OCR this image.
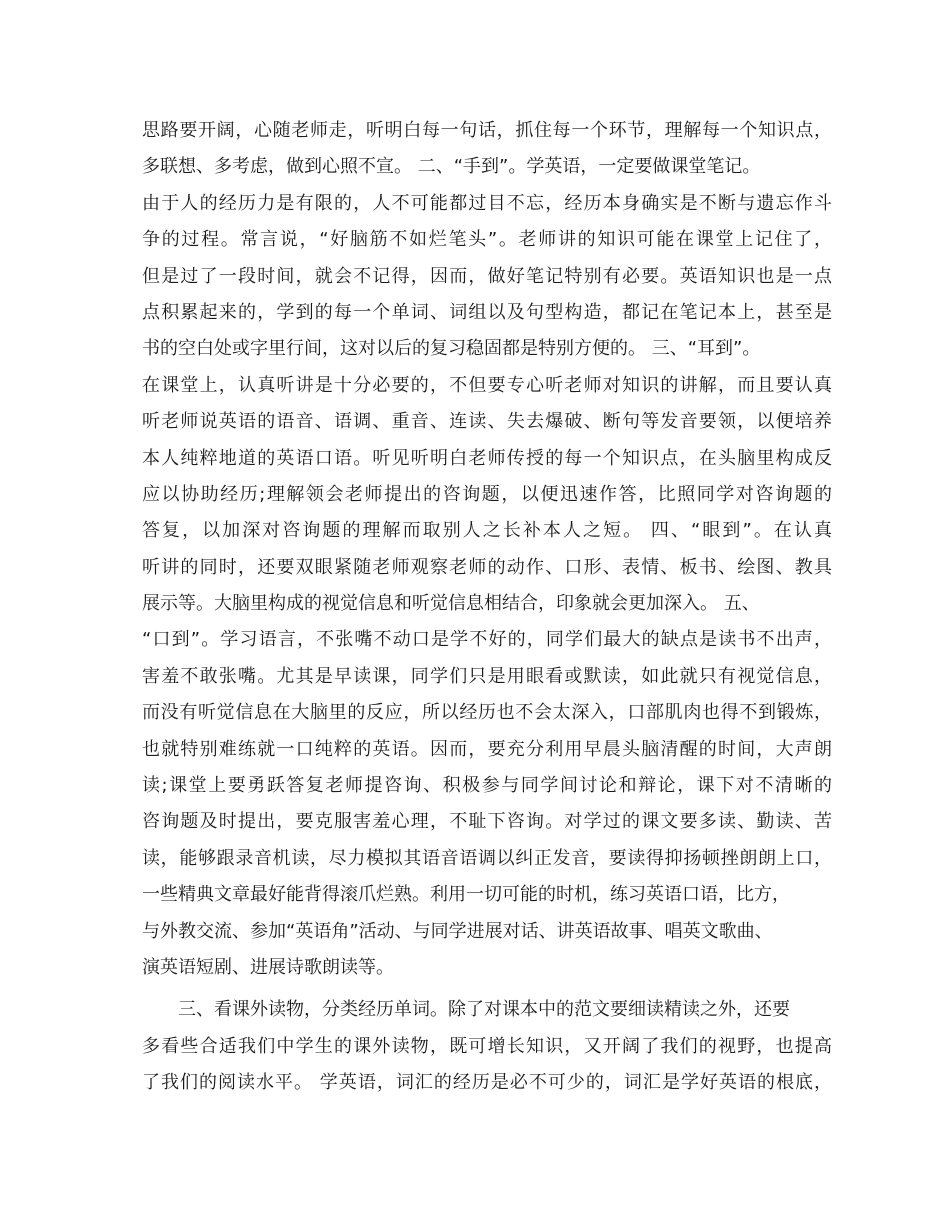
思路要开阔，心随老师走，听明白每一句话，抓住每一个环节，理解每一个知识点，
多联想、多考虑，做到心照不宣。 二、“手到”。学英语，一定要做课堂笔记。
由于人的经历力是有限的，人不可能都过目不忘，经历本身确实是不断与遗忘作斗
争的过程。常言说，“好脑筋不如烂笔头”。老师讲的知识可能在课堂上记住了，
但是过了一段时间，就会不记得，因而，做好笔记特别有必要。英语知识也是一点
点积累起来的，学到的每一个单词、词组以及句型构造，都记在笔记本上，甚至是
书的空白处或字里行间，这对以后的复习稳固都是特别方便的。 三、“耳到”。
在课堂上，认真听讲是十分必要的，不但要专心听老师对知识的讲解，而且要认真
听老师说英语的语音、语调、重音、连读、失去爆破、断句等发音要领，以便培养
本人纯粹地道的英语口语。听见听明白老师传授的每一个知识点，在头脑里构成反
应以协助经历;理解领会老师提出的咨询题，以便迅速作答，比照同学对咨询题的
答复，以加深对咨询题的理解而取别人之长补本人之短。 四、“眼到”。在认真
听讲的同时，还要双眼紧随老师观察老师的动作、口形、表情、板书、绘图、教具
展示等。大脑里构成的视觉信息和听觉信息相结合，印象就会更加深入。 五、
“口到”。学习语言，不张嘴不动口是学不好的，同学们最大的缺点是读书不出声，
害羞不敢张嘴。尤其是早读课，同学们只是用眼看或默读，如此就只有视觉信息，
而没有听觉信息在大脑里的反应，所以经历也不会太深入，口部肌肉也得不到锻炼，
也就特别难练就一口纯粹的英语。因而，要充分利用早晨头脑清醒的时间，大声朗
读;课堂上要勇跃答复老师提咨询、积极参与同学间讨论和辩论，课下对不清晰的
咨询题及时提出，要克服害羞心理，不耻下咨询。对学过的课文要多读、勤读、苦
读，能够跟录音机读，尽力模拟其语音语调以纠正发音，要读得抑扬顿挫朗朗上口，
一些精典文章最好能背得滚爪烂熟。利用一切可能的时机，练习英语口语，比方，
与外教交流、参加“英语角”活动、与同学进展对话、讲英语故事、唱英文歌曲、
演英语短剧、进展诗歌朗读等。
三、看课外读物，分类经历单词。除了对课本中的范文要细读精读之外，还要
多看些合适我们中学生的课外读物，既可增长知识，又开阔了我们的视野，也提高
了我们的阅读水平。 学英语，词汇的经历是必不可少的，词汇是学好英语的根底，
